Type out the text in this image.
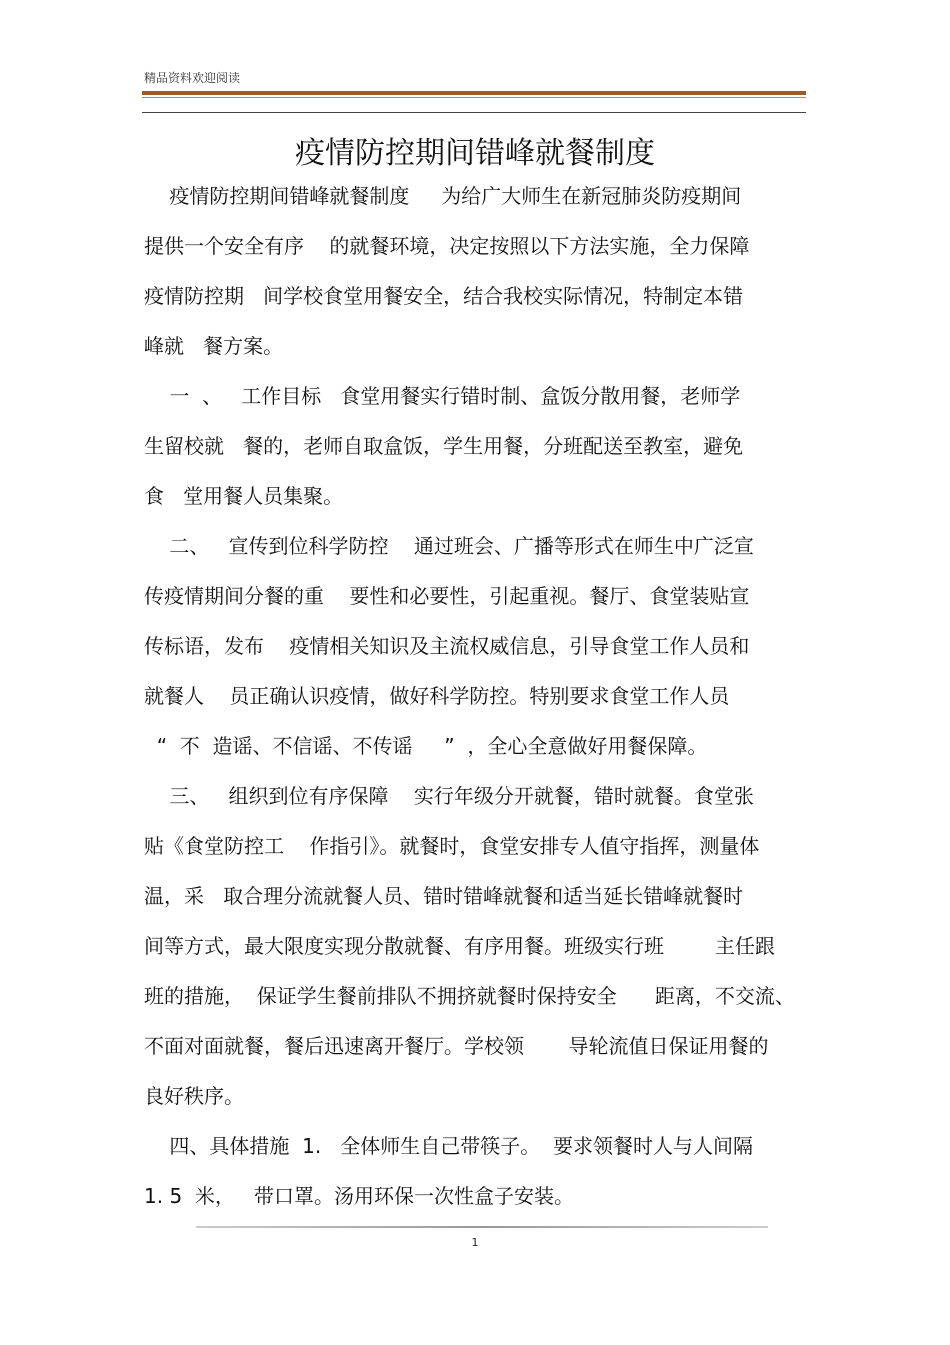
精品资料欢迎阅读
疫情防控期间错峰就餐制度
疫情防控期间错峰就餐制度     为给广大师生在新冠肺炎防疫期间
提供一个安全有序    的就餐环境，决定按照以下方法实施，全力保障
疫情防控期   间学校食堂用餐安全，结合我校实际情况，特制定本错
峰就   餐方案。
一  、   工作目标   食堂用餐实行错时制、盒饭分散用餐，老师学
生留校就   餐的，老师自取盒饭，学生用餐，分班配送至教室，避免
食   堂用餐人员集聚。
二、   宣传到位科学防控    通过班会、广播等形式在师生中广泛宣
传疫情期间分餐的重    要性和必要性，引起重视。餐厅、食堂装贴宣
传标语，发布    疫情相关知识及主流权威信息，引导食堂工作人员和
就餐人    员正确认识疫情，做好科学防控。特别要求食堂工作人员
“  不  造谣、不信谣、不传谣     ”  ，全心全意做好用餐保障。
三、   组织到位有序保障    实行年级分开就餐，错时就餐。食堂张
贴《食堂防控工    作指引》。就餐时，食堂安排专人值守指挥，测量体
温，采   取合理分流就餐人员、错时错峰就餐和适当延长错峰就餐时
间等方式，最大限度实现分散就餐、有序用餐。班级实行班        主任跟
班的措施，  保证学生餐前排队不拥挤就餐时保持安全      距离，不交流、
不面对面就餐，餐后迅速离开餐厅。学校领       导轮流值日保证用餐的
良好秩序。
四、具体措施  1.   全体师生自己带筷子。  要求领餐时人与人间隔
1. 5  米，   带口罩。汤用环保一次性盒子安装。
1
